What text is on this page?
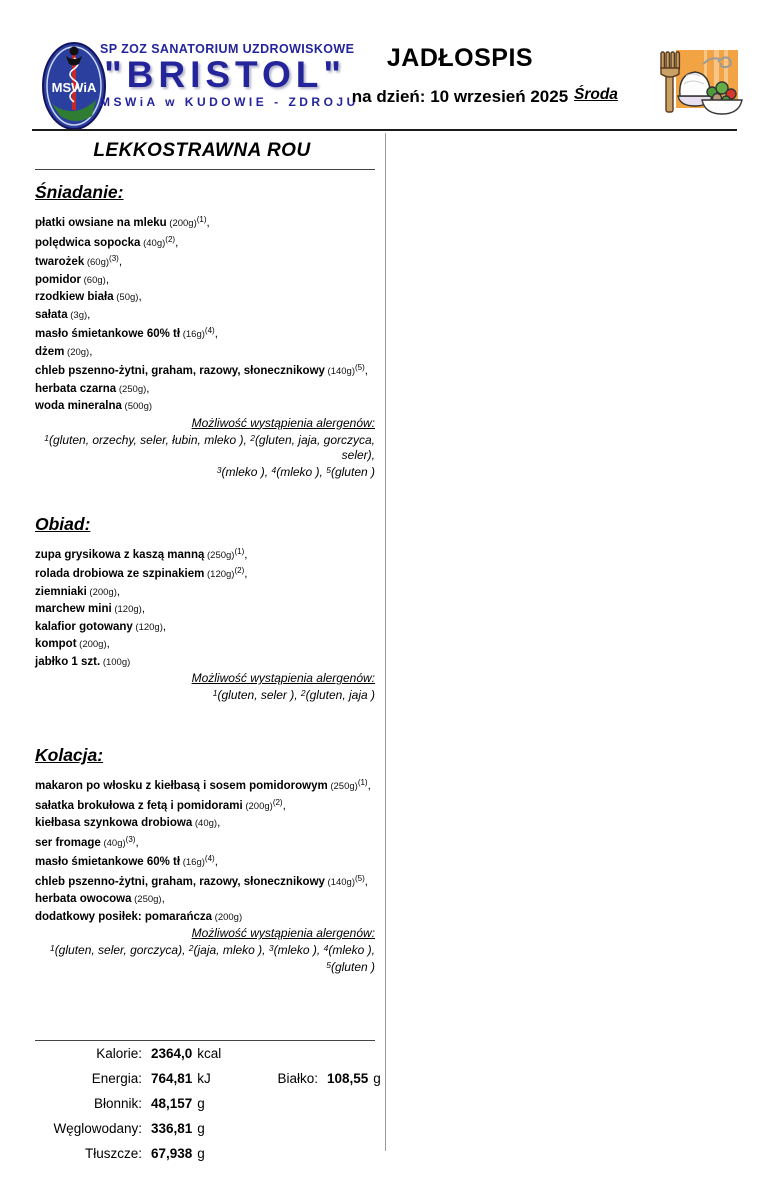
MSWiA
SP ZOZ SANATORIUM UZDROWISKOWE
"BRISTOL"
MSWiA w KUDOWIE - ZDROJU
JADŁOSPIS
na dzień: 10 wrzesień 2025 Środa
LEKKOSTRAWNA ROU
Śniadanie:
płatki owsiane na mleku $(200g)^{(1)}$,
polędwica sopocka $(40g)^{(2)}$,
twarożek $(60g)^{(3)}$,
pomidor (60g),
rzodkiew biała (50g),
sałata (3g),
masło śmietankowe 60% tł $(16g)^{(4)}$,
dżem (20g),
chleb pszenno-żytni, graham, razowy, słonecznikowy $(140g)^{(5)}$,
herbata czarna (250g),
woda mineralna (500g)
Możliwość wystąpienia alergenów:
$^1$(gluten, orzechy, seler, łubin, mleko ), $^2$(gluten, jaja, gorczyca, seler),
$^3$(mleko ), $^4$(mleko ), $^5$(gluten )
Obiad:
zupa grysikowa z kaszą manną $(250g)^{(1)}$,
rolada drobiowa ze szpinakiem $(120g)^{(2)}$,
ziemniaki (200g),
marchew mini (120g),
kalafior gotowany (120g),
kompot (200g),
jabłko 1 szt. (100g)
Możliwość wystąpienia alergenów:
$^1$(gluten, seler ), $^2$(gluten, jaja )
Kolacja:
makaron po włosku z kiełbasą i sosem pomidorowym $(250g)^{(1)}$,
sałatka brokułowa z fetą i pomidorami $(200g)^{(2)}$,
kiełbasa szynkowa drobiowa (40g),
ser fromage $(40g)^{(3)}$,
masło śmietankowe 60% tł $(16g)^{(4)}$,
chleb pszenno-żytni, graham, razowy, słonecznikowy $(140g)^{(5)}$,
herbata owocowa (250g),
dodatkowy posiłek: pomarańcza (200g)
Możliwość wystąpienia alergenów:
$^1$(gluten, seler, gorczyca), $^2$(jaja, mleko ), $^3$(mleko ), $^4$(mleko ),
$^5$(gluten )
Kalorie: 2364,0 kcal
Energia: 764,81 kJ
Błonnik: 48,157 g
Węglowodany: 336,81 g
Tłuszcze: 67,938 g
Białko: 108,55 g
